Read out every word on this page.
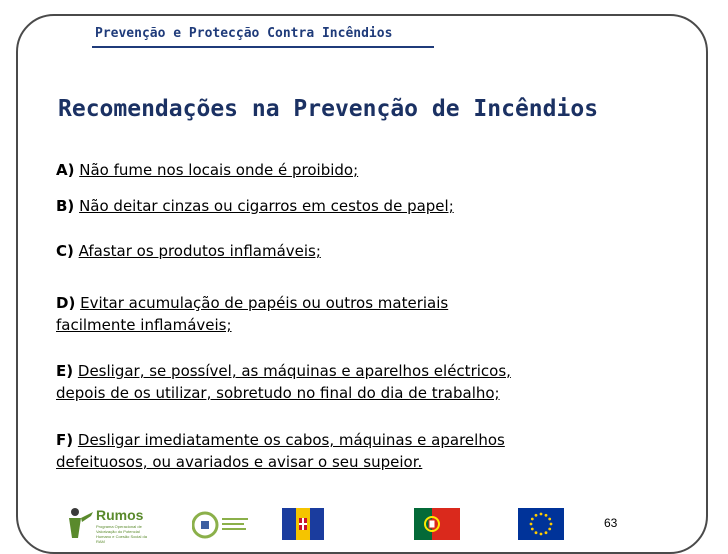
Prevenção e Protecção Contra Incêndios
Recomendações na Prevenção de Incêndios
A) Não fume nos locais onde é proibido;
B) Não deitar cinzas ou cigarros em cestos de papel;
C) Afastar os produtos inflamáveis;
D) Evitar acumulação de papéis ou outros materiais
facilmente inflamáveis;
E) Desligar, se possível, as máquinas e aparelhos eléctricos,
depois de os utilizar, sobretudo no final do dia de trabalho;
F) Desligar imediatamente os cabos, máquinas e aparelhos
defeituosos, ou avariados e avisar o seu supeior.
63
Rumos
Programa Operacional de Valorização do Potencial Humano e Coesão Social da RAM
